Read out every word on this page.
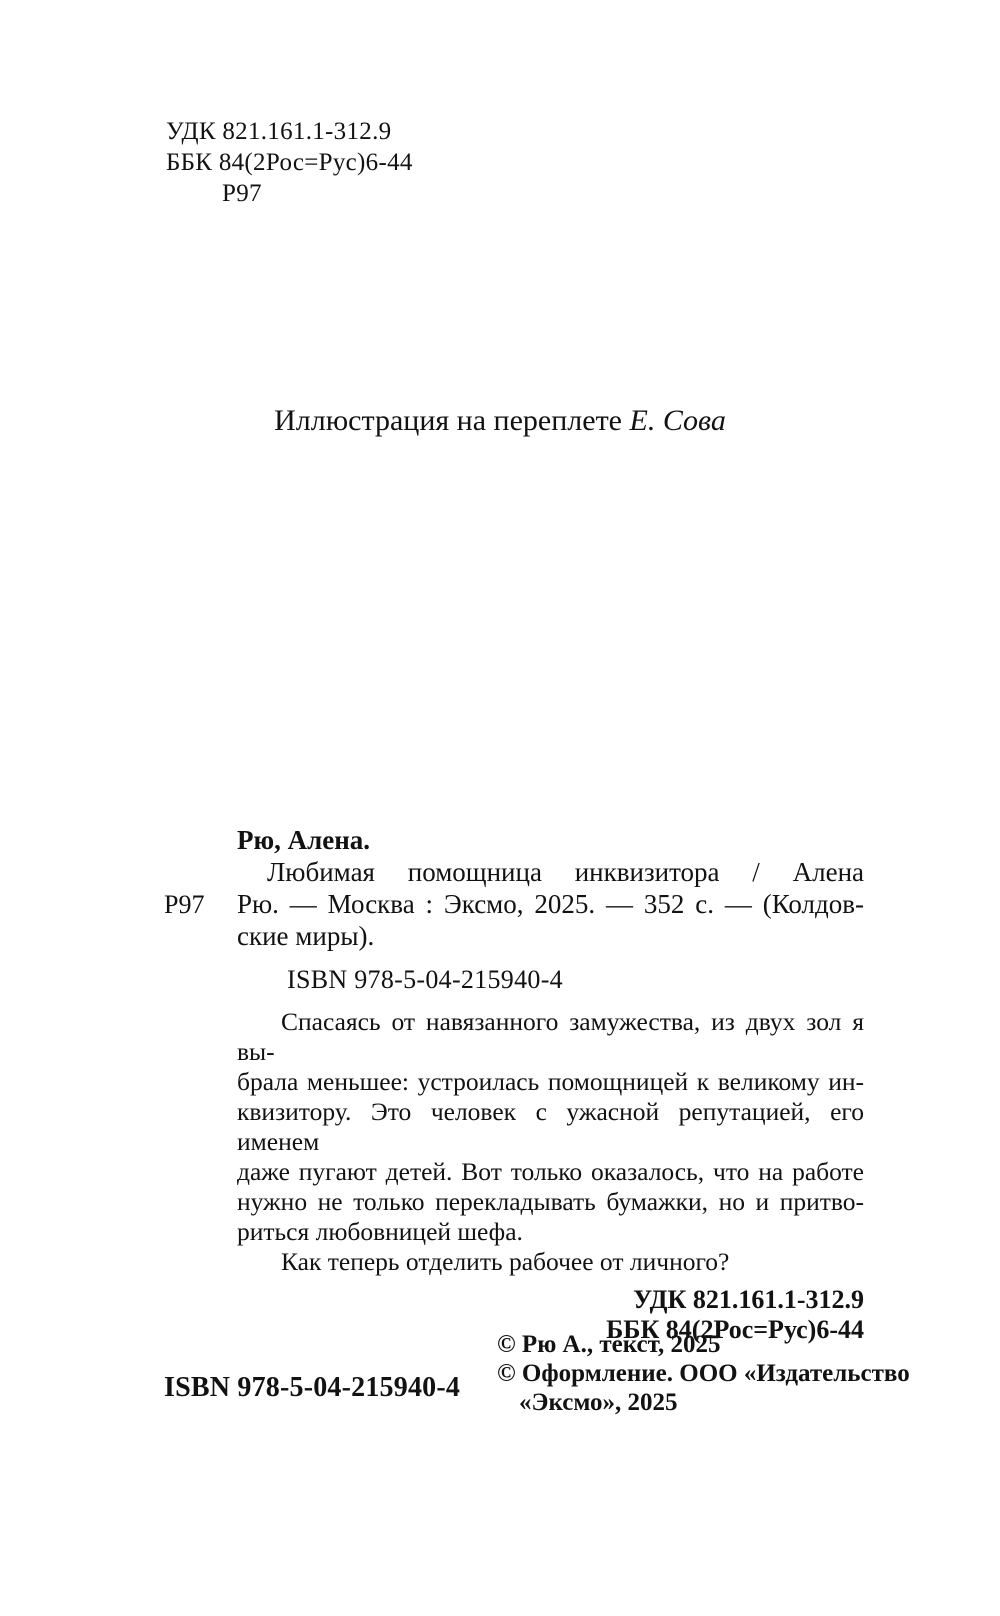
УДК 821.161.1-312.9
ББК 84(2Рос=Рус)6-44
Р97
Иллюстрация на переплете Е. Сова
Рю, Алена.
Р97
Любимая помощница инквизитора / Алена
Рю. — Москва : Эксмо, 2025. — 352 с. — (Колдов-
ские миры).
ISBN 978-5-04-215940-4
Спасаясь от навязанного замужества, из двух зол я вы-
брала меньшее: устроилась помощницей к великому ин-
квизитору. Это человек с ужасной репутацией, его именем
даже пугают детей. Вот только оказалось, что на работе
нужно не только перекладывать бумажки, но и притво-
риться любовницей шефа.
Как теперь отделить рабочее от личного?
УДК 821.161.1-312.9
ББК 84(2Рос=Рус)6-44
© Рю А., текст, 2025
© Оформление. ООО «Издательство
«Эксмо», 2025
ISBN 978-5-04-215940-4
